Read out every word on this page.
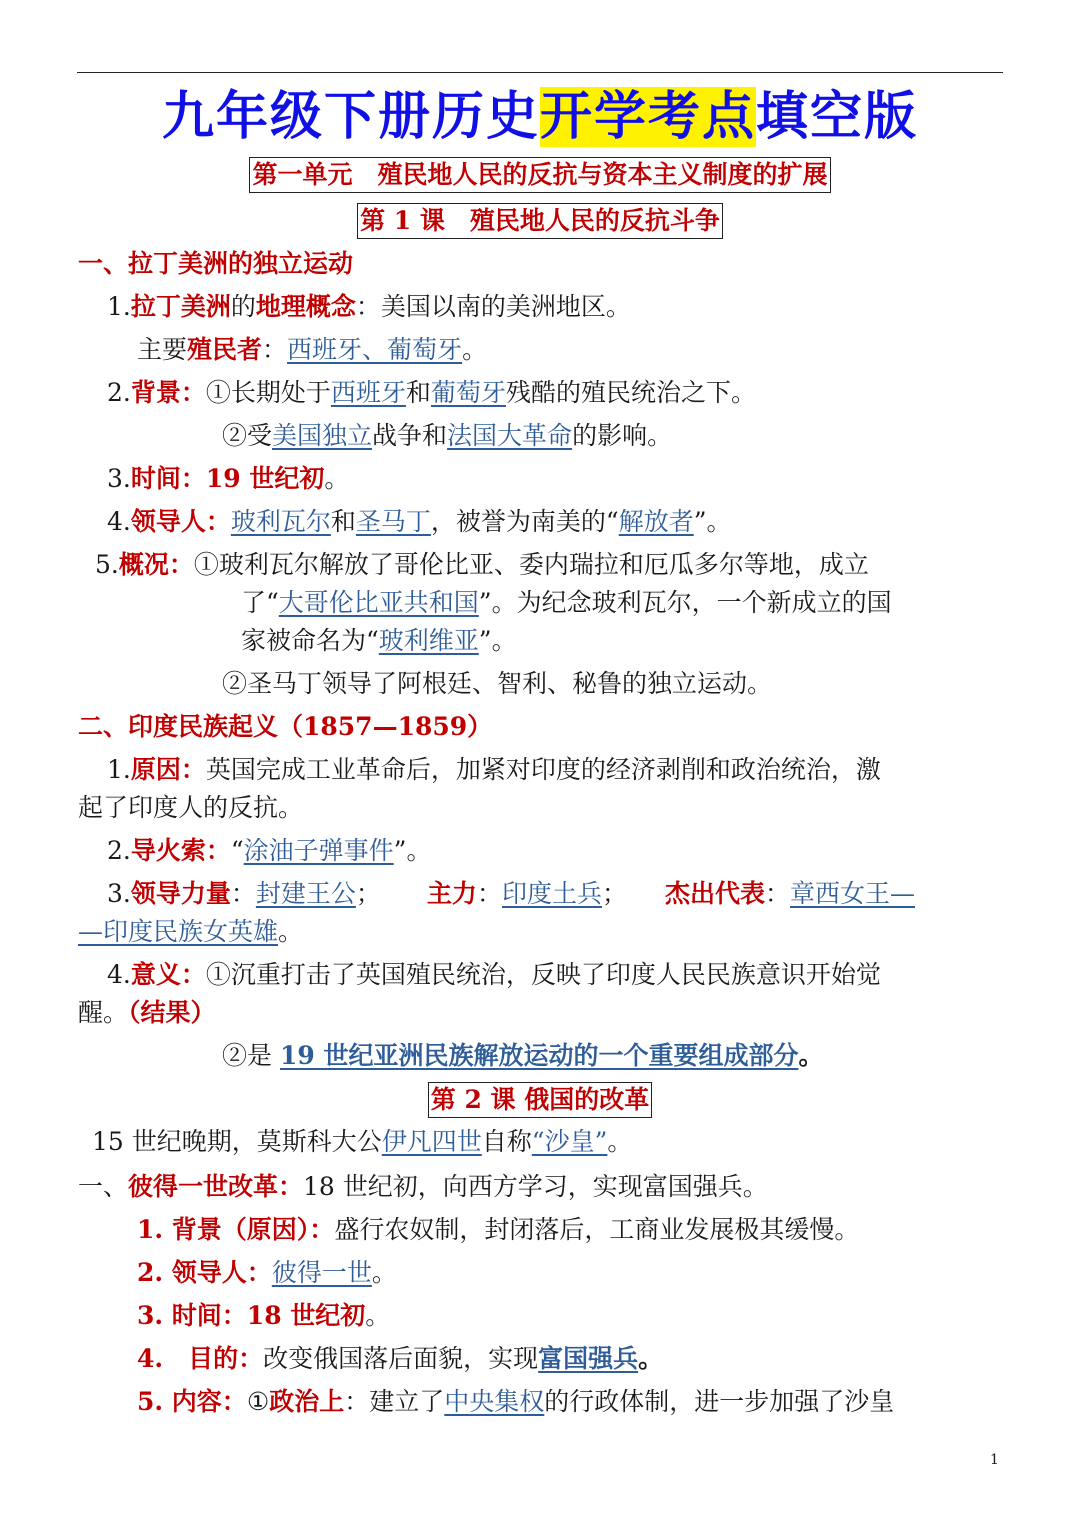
九年级下册历史开学考点填空版
第一单元　殖民地人民的反抗与资本主义制度的扩展
第 1 课　殖民地人民的反抗斗争
一、拉丁美洲的独立运动
1.拉丁美洲的地理概念：美国以南的美洲地区。
主要殖民者：西班牙、葡萄牙。
2.背景：①长期处于西班牙和葡萄牙残酷的殖民统治之下。
②受美国独立战争和法国大革命的影响。
3.时间：19 世纪初。
4.领导人：玻利瓦尔和圣马丁，被誉为南美的“解放者”。
5.概况：①玻利瓦尔解放了哥伦比亚、委内瑞拉和厄瓜多尔等地，成立
了“大哥伦比亚共和国”。为纪念玻利瓦尔，一个新成立的国
家被命名为“玻利维亚”。
②圣马丁领导了阿根廷、智利、秘鲁的独立运动。
二、印度民族起义（1857—1859）
1.原因：英国完成工业革命后，加紧对印度的经济剥削和政治统治，激
起了印度人的反抗。
2.导火索：“涂油子弹事件”。
3.领导力量：封建王公； 主力：印度土兵； 杰出代表：章西女王—
—印度民族女英雄。
4.意义：①沉重打击了英国殖民统治，反映了印度人民民族意识开始觉
醒。（结果）
②是 19 世纪亚洲民族解放运动的一个重要组成部分。
第 2 课 俄国的改革
15 世纪晚期，莫斯科大公伊凡四世自称“沙皇”。
一、彼得一世改革：18 世纪初，向西方学习，实现富国强兵。
1. 背景（原因）：盛行农奴制，封闭落后，工商业发展极其缓慢。
2. 领导人：彼得一世。
3. 时间：18 世纪初。
4.　目的：改变俄国落后面貌，实现富国强兵。
5. 内容：①政治上：建立了中央集权的行政体制，进一步加强了沙皇
1
